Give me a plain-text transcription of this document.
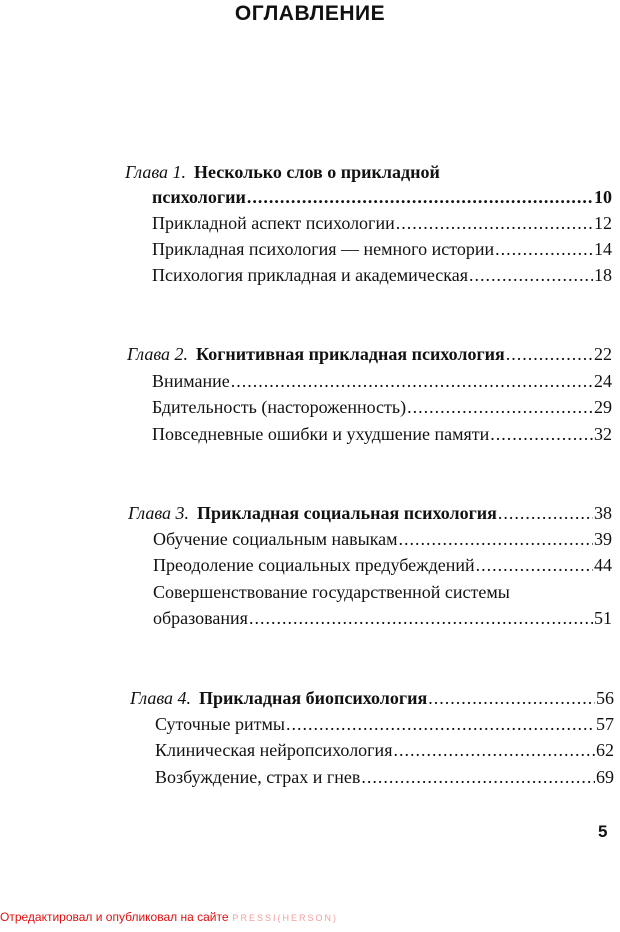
ОГЛАВЛЕНИЕ
Глава 1. Несколько слов о прикладной
психологии .....	10
Прикладной аспект психологии .....	12
Прикладная психология — немного истории .....	14
Психология прикладная и академическая .....	18
Глава 2. Когнитивная прикладная психология .....	22
Внимание .....	24
Бдительность (настороженность) .....	29
Повседневные ошибки и ухудшение памяти .....	32
Глава 3. Прикладная социальная психология .....	38
Обучение социальным навыкам .....	39
Преодоление социальных предубеждений .....	44
Совершенствование государственной системы
образования .....	51
Глава 4. Прикладная биопсихология .....	56
Суточные ритмы .....	57
Клиническая нейропсихология .....	62
Возбуждение, страх и гнев .....	69
5
Отредактировал и опубликовал на сайте PRESSI(HERSON)
